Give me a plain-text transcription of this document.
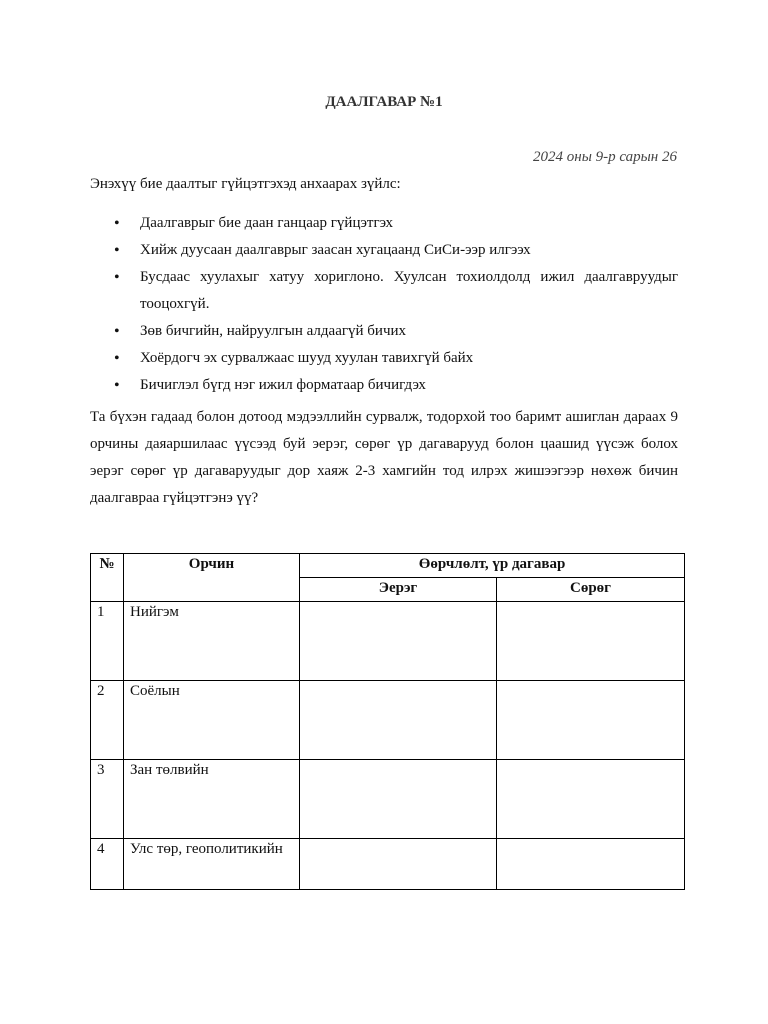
ДААЛГАВАР №1
2024 оны 9-р сарын 26
Энэхүү бие даалтыг гүйцэтгэхэд анхаарах зүйлс:
• Даалгаврыг бие даан ганцаар гүйцэтгэх
• Хийж дуусаан даалгаврыг заасан хугацаанд СиСи-ээр илгээх
• Бусдаас хуулахыг хатуу хориглоно. Хуулсан тохиолдолд ижил даалгавруудыг тооцохгүй.
• Зөв бичгийн, найруулгын алдаагүй бичих
• Хоёрдогч эх сурвалжаас шууд хуулан тавихгүй байх
• Бичиглэл бүгд нэг ижил форматаар бичигдэх
Та бүхэн гадаад болон дотоод мэдээллийн сурвалж, тодорхой тоо баримт ашиглан дараах 9 орчины даяаршилаас үүсээд буй эерэг, сөрөг үр дагаварууд болон цаашид үүсэж болох эерэг сөрөг үр дагаваруудыг дор хаяж 2-3 хамгийн тод илрэх жишээгээр нөхөж бичин даалгавраа гүйцэтгэнэ үү?
№	Орчин	Өөрчлөлт, үр дагавар	
		Эерэг	Сөрөг
1	Нийгэм		
2	Соёлын		
3	Зан төлвийн		
4	Улс төр, геополитикийн		
